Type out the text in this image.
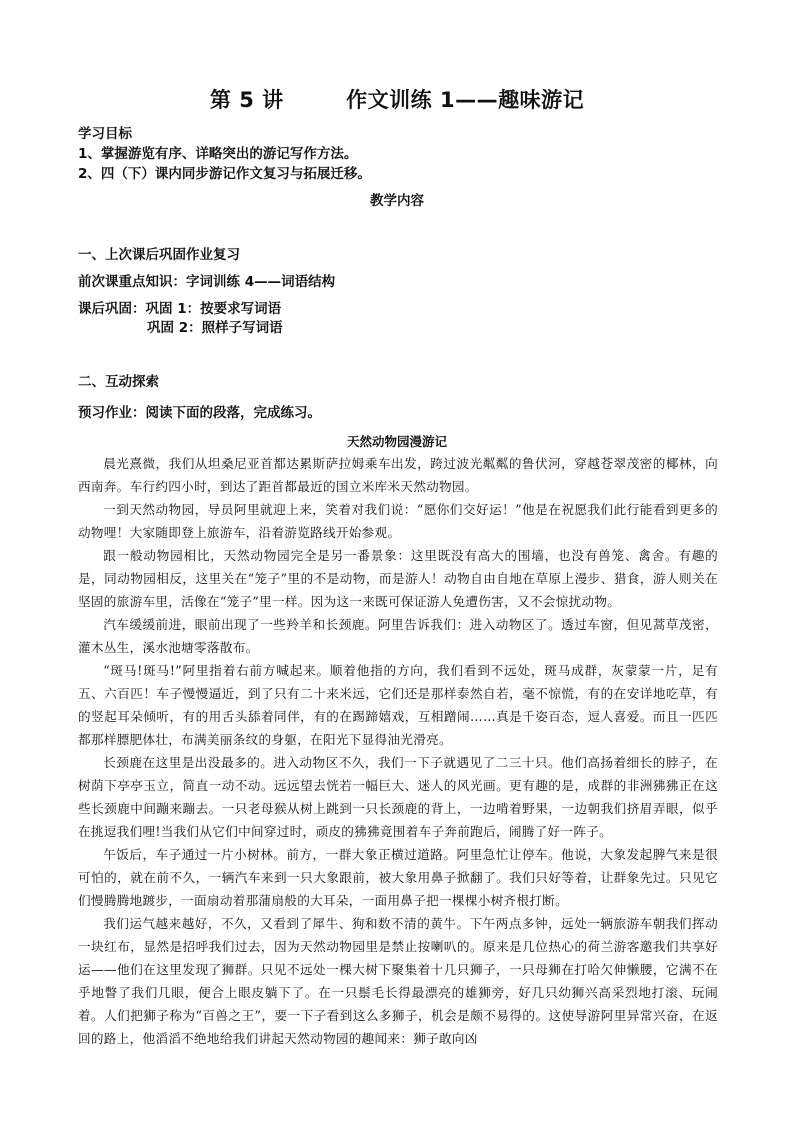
第 5 讲        作文训练 1——趣味游记
学习目标
1、掌握游览有序、详略突出的游记写作方法。
2、四（下）课内同步游记作文复习与拓展迁移。
教学内容
一、上次课后巩固作业复习
前次课重点知识：字词训练 4——词语结构
课后巩固：巩固 1：按要求写词语
巩固 2：照样子写词语
二、互动探索
预习作业：阅读下面的段落，完成练习。
天然动物园漫游记

晨光熹微，我们从坦桑尼亚首都达累斯萨拉姆乘车出发，跨过波光粼粼的鲁伏河，穿越苍翠茂密的椰林，向西南奔。车行约四小时，到达了距首都最近的国立米库米天然动物园。

一到天然动物园，导员阿里就迎上来，笑着对我们说：“愿你们交好运！”他是在祝愿我们此行能看到更多的动物哩！大家随即登上旅游车，沿着游览路线开始参观。

跟一般动物园相比，天然动物园完全是另一番景象：这里既没有高大的围墙，也没有兽笼、禽舍。有趣的是，同动物园相反，这里关在“笼子”里的不是动物，而是游人！动物自由自地在草原上漫步、猎食，游人则关在坚固的旅游车里，活像在“笼子”里一样。因为这一来既可保证游人免遭伤害，又不会惊扰动物。

汽车缓缓前进，眼前出现了一些羚羊和长颈鹿。阿里告诉我们：进入动物区了。透过车窗，但见蒿草茂密，灌木丛生，溪水池塘零落散布。

“斑马!斑马!”阿里指着右前方喊起来。顺着他指的方向，我们看到不远处，斑马成群，灰蒙蒙一片，足有五、六百匹！车子慢慢逼近，到了只有二十来米远，它们还是那样泰然自若，毫不惊慌，有的在安详地吃草，有的竖起耳朵倾听，有的用舌头舔着同伴，有的在踢蹄嬉戏，互相蹭闹……真是千姿百态，逗人喜爱。而且一匹匹都那样膘肥体壮，布满美丽条纹的身躯，在阳光下显得油光滑亮。

长颈鹿在这里是出没最多的。进入动物区不久，我们一下子就遇见了二三十只。他们高扬着细长的脖子，在树荫下亭亭玉立，简直一动不动。远远望去恍若一幅巨大、迷人的风光画。更有趣的是，成群的非洲狒狒正在这些长颈鹿中间蹦来蹦去。一只老母猴从树上跳到一只长颈鹿的背上，一边啃着野果，一边朝我们挤眉弄眼，似乎在挑逗我们哩!当我们从它们中间穿过时，顽皮的狒狒竟围着车子奔前跑后，闹腾了好一阵子。

午饭后，车子通过一片小树林。前方，一群大象正横过道路。阿里急忙让停车。他说，大象发起脾气来是很可怕的，就在前不久，一辆汽车来到一只大象跟前，被大象用鼻子掀翻了。我们只好等着，让群象先过。只见它们慢腾腾地踱步，一面扇动着那蒲扇般的大耳朵，一面用鼻子把一棵棵小树齐根打断。

我们运气越来越好，不久，又看到了犀牛、狗和数不清的黄牛。下午两点多钟，远处一辆旅游车朝我们挥动一块红布，显然是招呼我们过去，因为天然动物园里是禁止按喇叭的。原来是几位热心的荷兰游客邀我们共享好运——他们在这里发现了狮群。只见不远处一棵大树下聚集着十几只狮子，一只母狮在打哈欠伸懒腰，它满不在乎地瞥了我们几眼，便合上眼皮躺下了。在一只鬃毛长得最漂亮的雄狮旁，好几只幼狮兴高采烈地打滚、玩闹着。人们把狮子称为“百兽之王”，要一下子看到这么多狮子，机会是颇不易得的。这使导游阿里异常兴奋，在返回的路上，他滔滔不绝地给我们讲起天然动物园的趣闻来：狮子敢向凶
